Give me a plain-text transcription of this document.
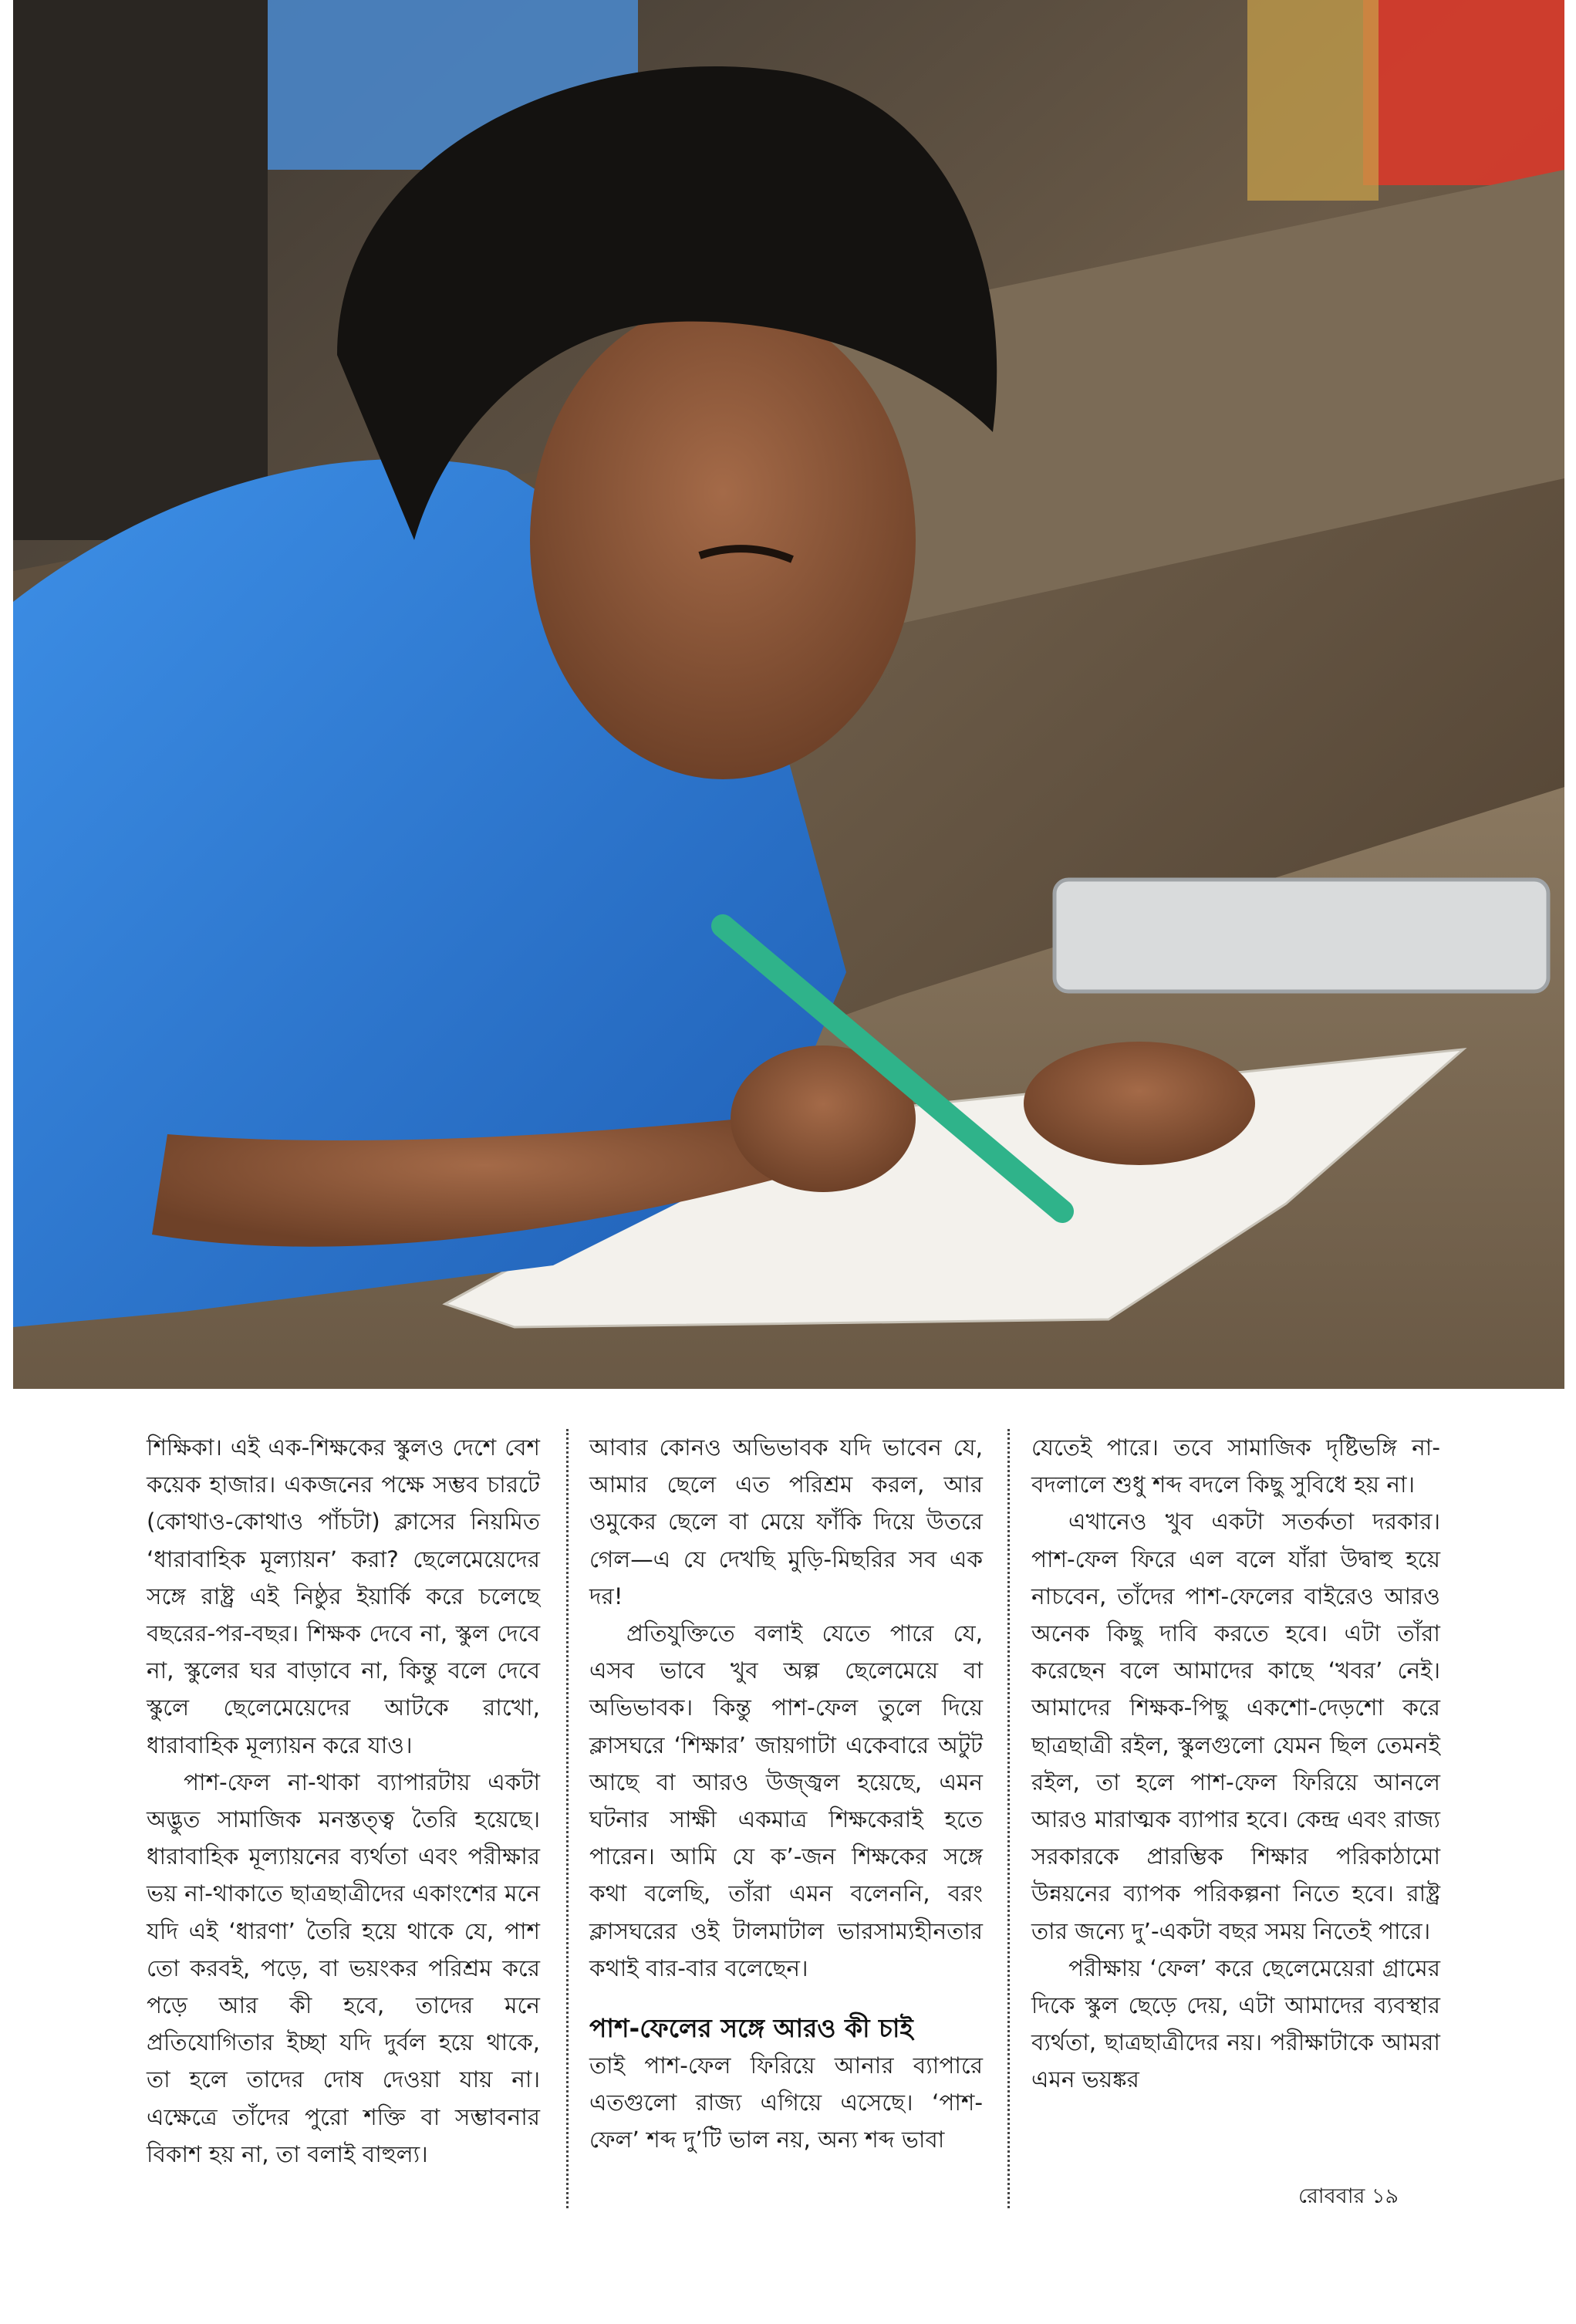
শিক্ষিকা। এই এক-শিক্ষকের স্কুলও দেশে বেশ কয়েক হাজার। একজনের পক্ষে সম্ভব চারটে (কোথাও-কোথাও পাঁচটা) ক্লাসের নিয়মিত ‘ধারাবাহিক মূল্যায়ন’ করা? ছেলেমেয়েদের সঙ্গে রাষ্ট্র এই নিষ্ঠুর ইয়ার্কি করে চলেছে বছরের-পর-বছর। শিক্ষক দেবে না, স্কুল দেবে না, স্কুলের ঘর বাড়াবে না, কিন্তু বলে দেবে স্কুলে ছেলেমেয়েদের আটকে রাখো, ধারাবাহিক মূল্যায়ন করে যাও।

পাশ-ফেল না-থাকা ব্যাপারটায় একটা অদ্ভুত সামাজিক মনস্তত্ত্ব তৈরি হয়েছে। ধারাবাহিক মূল্যায়নের ব্যর্থতা এবং পরীক্ষার ভয় না-থাকাতে ছাত্রছাত্রীদের একাংশের মনে যদি এই ‘ধারণা’ তৈরি হয়ে থাকে যে, পাশ তো করবই, পড়ে, বা ভয়ংকর পরিশ্রম করে পড়ে আর কী হবে, তাদের মনে প্রতিযোগিতার ইচ্ছা যদি দুর্বল হয়ে থাকে, তা হলে তাদের দোষ দেওয়া যায় না। এক্ষেত্রে তাঁদের পুরো শক্তি বা সম্ভাবনার বিকাশ হয় না, তা বলাই বাহুল্য।

আবার কোনও অভিভাবক যদি ভাবেন যে, আমার ছেলে এত পরিশ্রম করল, আর ওমুকের ছেলে বা মেয়ে ফাঁকি দিয়ে উতরে গেল—এ যে দেখছি মুড়ি-মিছরির সব এক দর!

প্রতিযুক্তিতে বলাই যেতে পারে যে, এসব ভাবে খুব অল্প ছেলেমেয়ে বা অভিভাবক। কিন্তু পাশ-ফেল তুলে দিয়ে ক্লাসঘরে ‘শিক্ষার’ জায়গাটা একেবারে অটুট আছে বা আরও উজ্জ্বল হয়েছে, এমন ঘটনার সাক্ষী একমাত্র শিক্ষকেরাই হতে পারেন। আমি যে ক’-জন শিক্ষকের সঙ্গে কথা বলেছি, তাঁরা এমন বলেননি, বরং ক্লাসঘরের ওই টালমাটাল ভারসাম্যহীনতার কথাই বার-বার বলেছেন।

পাশ-ফেলের সঙ্গে আরও কী চাই

তাই পাশ-ফেল ফিরিয়ে আনার ব্যাপারে এতগুলো রাজ্য এগিয়ে এসেছে। ‘পাশ-ফেল’ শব্দ দু’টি ভাল নয়, অন্য শব্দ ভাবা

যেতেই পারে। তবে সামাজিক দৃষ্টিভঙ্গি না-বদলালে শুধু শব্দ বদলে কিছু সুবিধে হয় না।

এখানেও খুব একটা সতর্কতা দরকার। পাশ-ফেল ফিরে এল বলে যাঁরা উদ্বাহু হয়ে নাচবেন, তাঁদের পাশ-ফেলের বাইরেও আরও অনেক কিছু দাবি করতে হবে। এটা তাঁরা করেছেন বলে আমাদের কাছে ‘খবর’ নেই। আমাদের শিক্ষক-পিছু একশো-দেড়শো করে ছাত্রছাত্রী রইল, স্কুলগুলো যেমন ছিল তেমনই রইল, তা হলে পাশ-ফেল ফিরিয়ে আনলে আরও মারাত্মক ব্যাপার হবে। কেন্দ্র এবং রাজ্য সরকারকে প্রারম্ভিক শিক্ষার পরিকাঠামো উন্নয়নের ব্যাপক পরিকল্পনা নিতে হবে। রাষ্ট্র তার জন্যে দু’-একটা বছর সময় নিতেই পারে।

পরীক্ষায় ‘ফেল’ করে ছেলেমেয়েরা গ্রামের দিকে স্কুল ছেড়ে দেয়, এটা আমাদের ব্যবস্থার ব্যর্থতা, ছাত্রছাত্রীদের নয়। পরীক্ষাটাকে আমরা এমন ভয়ঙ্কর

রোববার ১৯
